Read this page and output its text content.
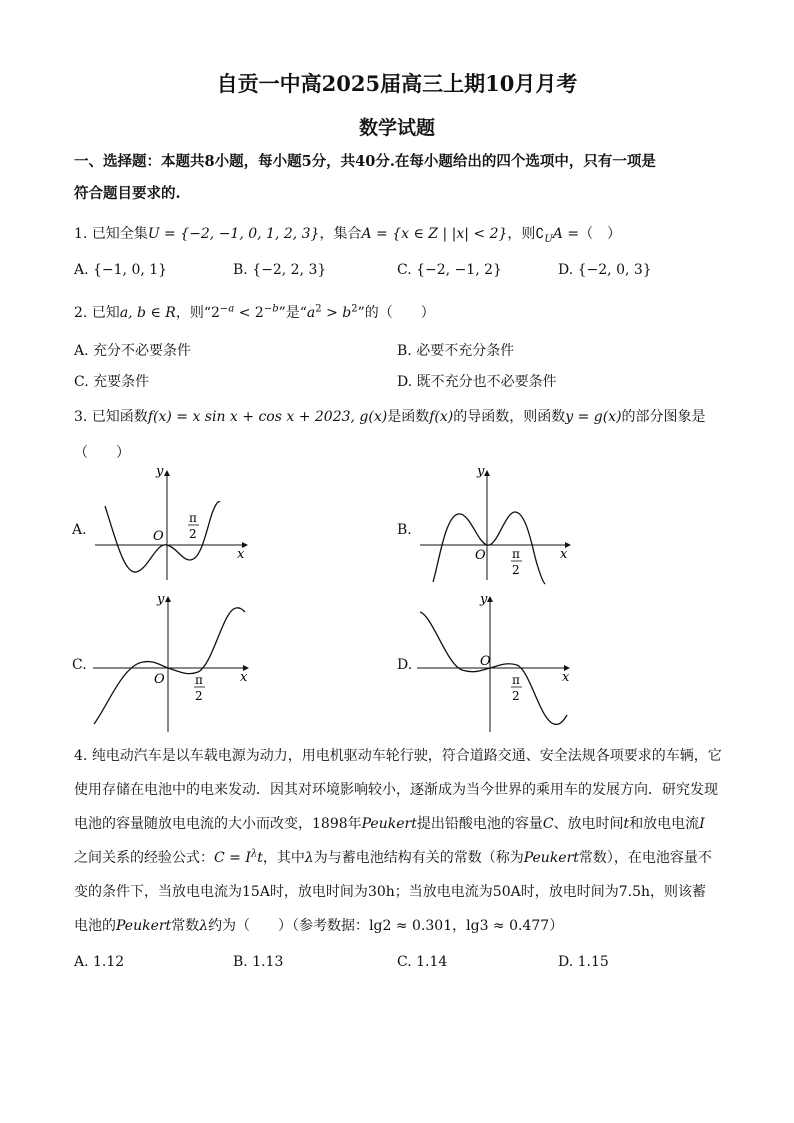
自贡一中高2025届高三上期10月月考
数学试题
一、选择题：本题共8小题，每小题5分，共40分.在每小题给出的四个选项中，只有一项是
符合题目要求的.
1. 已知全集U = {−2, −1, 0, 1, 2, 3}，集合A = {x ∈ Z | |x| < 2}，则$∁_UA$ =（　）
A. {−1, 0, 1}	B. {−2, 2, 3}	C. {−2, −1, 2}	D. {−2, 0, 3}
2. 已知a, b ∈ R，则“$2^{-a} < 2^{-b}$”是“$a^2 > b^2$”的（　　）
A. 充分不必要条件	B. 必要不充分条件
C. 充要条件	D. 既不充分也不必要条件
3. 已知函数f(x) = x sin x + cos x + 2023, g(x)是函数f(x)的导函数，则函数y = g(x)的部分图象是
（　　）
A.	B.
C.	D.
y
x
O
π
2
y
x
O π
2
y
x
O	π
2
y
x
O
π
2
4. 纯电动汽车是以车载电源为动力，用电机驱动车轮行驶，符合道路交通、安全法规各项要求的车辆，它
使用存储在电池中的电来发动．因其对环境影响较小，逐渐成为当今世界的乘用车的发展方向．研究发现
电池的容量随放电电流的大小而改变，1898年Peukert提出铅酸电池的容量C、放电时间t和放电电流I
之间关系的经验公式：$C = I^\lambda t$，其中λ为与蓄电池结构有关的常数（称为Peukert常数），在电池容量不
变的条件下，当放电电流为15A时，放电时间为30h；当放电电流为50A时，放电时间为7.5h，则该蓄
电池的Peukert常数λ约为（　　）（参考数据：lg2 ≈ 0.301，lg3 ≈ 0.477）
A. 1.12	B. 1.13	C. 1.14	D. 1.15
